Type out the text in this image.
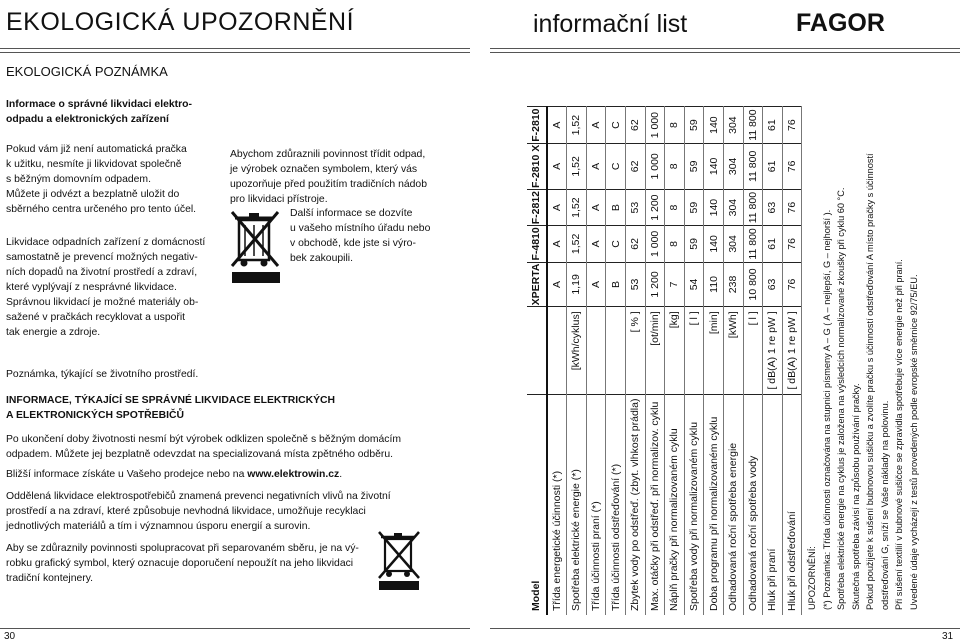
EKOLOGICKÁ UPOZORNĚNÍ
EKOLOGICKÁ POZNÁMKA
Informace o správné likvidaci elektro-
odpadu a elektronických zařízení
Pokud vám již není automatická pračka
k užitku, nesmíte ji likvidovat společně
s běžným domovním odpadem.
Můžete ji odvézt a bezplatně uložit do
sběrného centra určeného pro tento účel.
Likvidace odpadních zařízení z domácností
samostatně je prevencí možných negativ-
ních dopadů na životní prostředí a zdraví,
které vyplývají z nesprávné likvidace.
Správnou likvidací je možné materiály ob-
sažené v pračkách recyklovat a uspořit
tak energie a zdroje.
Abychom zdůraznili povinnost třídit odpad,
je výrobek označen symbolem, který vás
upozorňuje před použitím tradičních nádob
pro likvidaci přístroje.
Další informace se dozvíte
u vašeho místního úřadu nebo
v obchodě, kde jste si výro-
bek zakoupili.
Poznámka, týkající se životního prostředí.
INFORMACE, TÝKAJÍCÍ SE SPRÁVNÉ LIKVIDACE ELEKTRICKÝCH
A ELEKTRONICKÝCH SPOTŘEBIČŮ
Po ukončení doby životnosti nesmí být výrobek odklizen společně s běžným domácím
odpadem. Můžete jej bezplatně odevzdat na specializovaná místa zpětného odběru.
Bližší informace získáte u Vašeho prodejce nebo na www.elektrowin.cz.
Oddělená likvidace elektrospotřebičů znamená prevenci negativních vlivů na životní
prostředí a na zdraví, které způsobuje nevhodná likvidace, umožňuje recyklaci
jednotlivých materiálů a tím i významnou úsporu energií a surovin.
Aby se zdůraznily povinnosti spolupracovat při separovaném sběru, je na vý-
robku grafický symbol, který oznacuje doporučení nepoužít na jeho likvidaci
tradiční kontejnery.
30
informační list	FAGOR
Model		XPERTA	F-4810	F-2812	F-2810 X	F-2810
Třída energetické účinnosti (*)		A	A	A	A	A
Spotřeba elektrické energie (*)	[kWh/cyklus]	1,19	1,52	1,52	1,52	1,52
Třída účinnosti praní (*)		A	A	A	A	A
Třída účinnosti odstřeďování (*)		B	C	B	C	C
Zbytek vody po odstřeď. (zbyt. vlhkost prádla)	[ % ]	53	62	53	62	62
Max. otáčky při odstřeď. při normalizov. cyklu	[ot/min]	1 200	1 000	1 200	1 000	1 000
Náplň pračky při normalizovaném cyklu	[kg]	7	8	8	8	8
Spotřeba vody při normalizovaném cyklu	[ l ]	54	59	59	59	59
Doba programu při normalizovaném cyklu	[min]	110	140	140	140	140
Odhadovaná roční spotřeba energie	[kWh]	238	304	304	304	304
Odhadovaná roční spotřeba vody	[ l ]	10 800	11 800	11 800	11 800	11 800
Hluk při praní	[ dB(A) 1 re pW ]	63	61	63	61	61
Hluk při odstřeďování	[ dB(A) 1 re pW ]	76	76	76	76	76
UPOZORNĚNÍ: (*) Poznámka: Třída účinnosti označována na stupnici písmeny A – G ( A – nejlepší, G – nejhorší ). Spotřeba elektrické energie na cyklus je založena na výsledcích normalizované zkoušky při cyklu 60 °C. Skutečná spotřeba závisí na způsobu používání pračky. Pokud použijete k sušení bubnovou sušičku a zvolíte pračku s účinností odstřeďování A místo pračky s účinností odstřeďování G, sníží se Vaše náklady na polovinu. Při sušení textilií v bubnové sušičce se zpravidla spotřebuje více energie než při praní. Uvedené údaje vycházejí z testů provedených podle evropské směrnice 92/75/EU.
31
